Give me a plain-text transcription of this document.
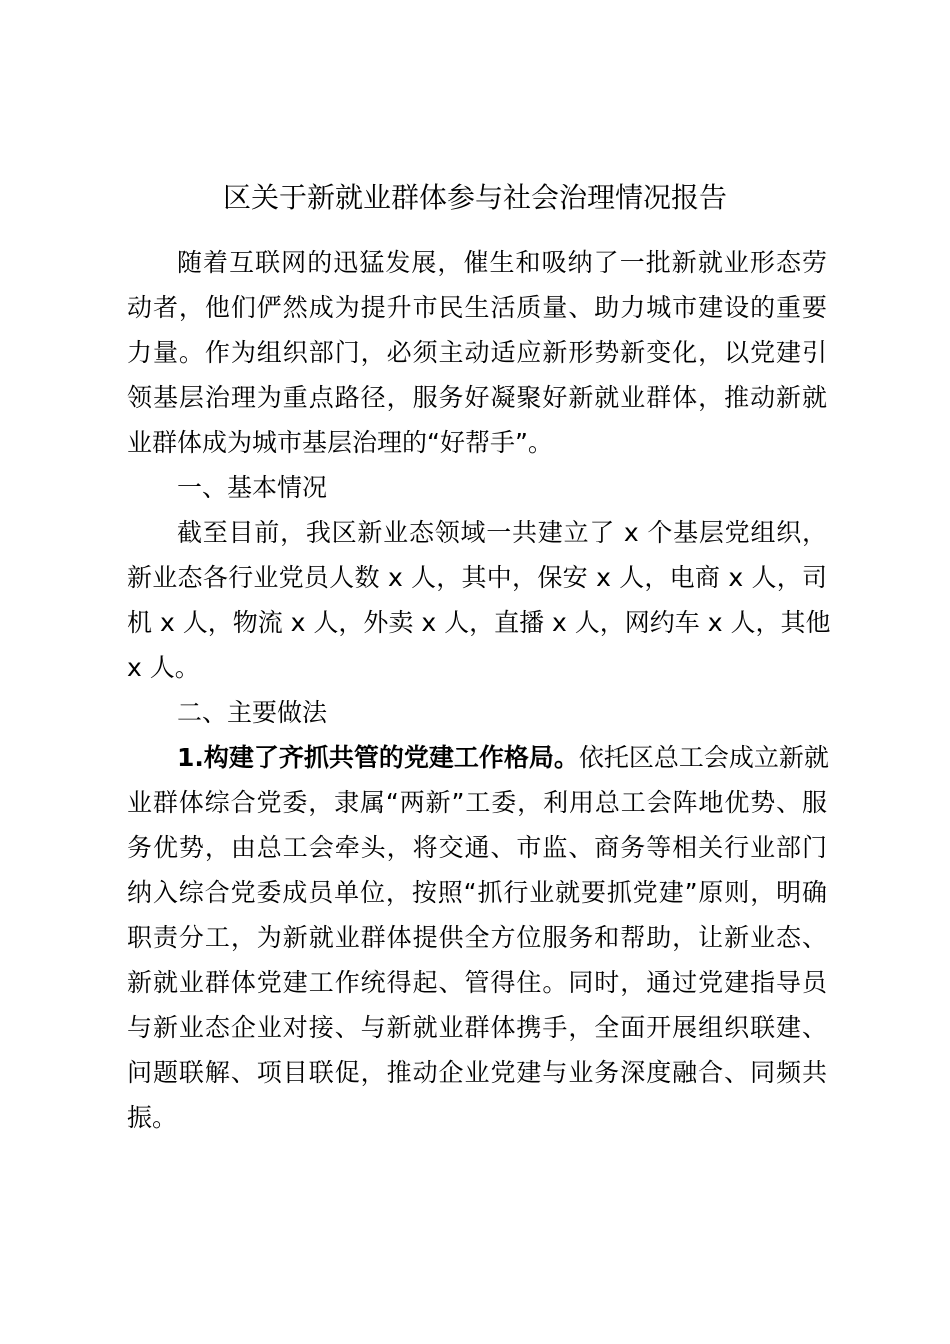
区关于新就业群体参与社会治理情况报告
随着互联网的迅猛发展，催生和吸纳了一批新就业形态劳
动者，他们俨然成为提升市民生活质量、助力城市建设的重要
力量。作为组织部门，必须主动适应新形势新变化，以党建引
领基层治理为重点路径，服务好凝聚好新就业群体，推动新就
业群体成为城市基层治理的“好帮手”。
一、基本情况
截至目前，我区新业态领域一共建立了 x 个基层党组织，
新业态各行业党员人数 x 人，其中，保安 x 人，电商 x 人，司
机 x 人，物流 x 人，外卖 x 人，直播 x 人，网约车 x 人，其他
x 人。
二、主要做法
1.构建了齐抓共管的党建工作格局。依托区总工会成立新就
业群体综合党委，隶属“两新”工委，利用总工会阵地优势、服
务优势，由总工会牵头，将交通、市监、商务等相关行业部门
纳入综合党委成员单位，按照“抓行业就要抓党建”原则，明确
职责分工，为新就业群体提供全方位服务和帮助，让新业态、
新就业群体党建工作统得起、管得住。同时，通过党建指导员
与新业态企业对接、与新就业群体携手，全面开展组织联建、
问题联解、项目联促，推动企业党建与业务深度融合、同频共
振。
